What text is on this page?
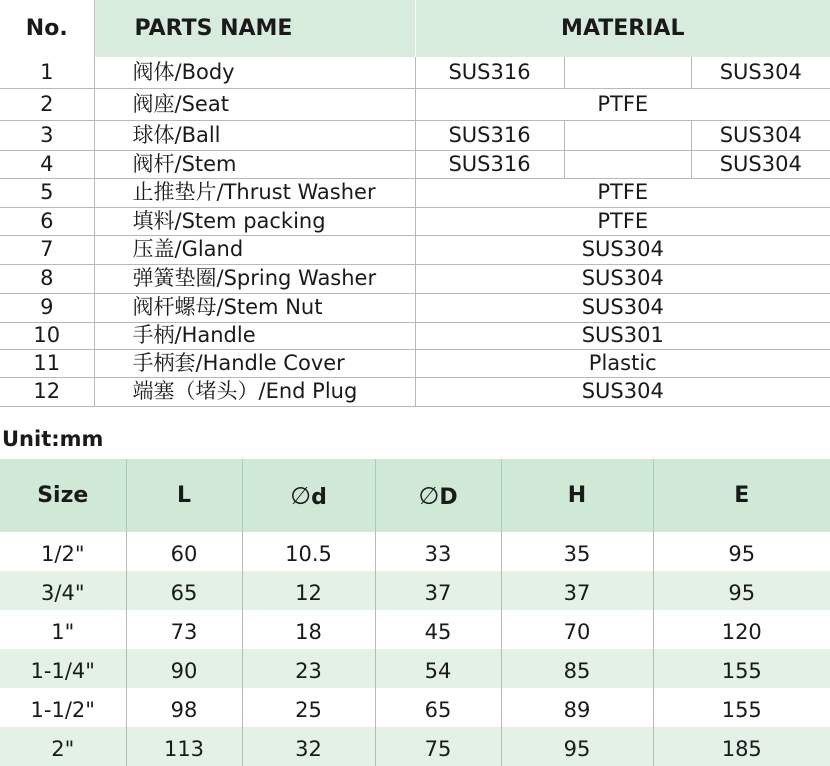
No.	PARTS NAME	MATERIAL		
1	阀体/Body	SUS316		SUS304
2	阀座/Seat	PTFE		
3	球体/Ball	SUS316		SUS304
4	阀杆/Stem	SUS316		SUS304
5	止推垫片/Thrust Washer	PTFE		
6	填料/Stem packing	PTFE		
7	压盖/Gland	SUS304		
8	弹簧垫圈/Spring Washer	SUS304		
9	阀杆螺母/Stem Nut	SUS304		
10	手柄/Handle	SUS301		
11	手柄套/Handle Cover	Plastic		
12	端塞（堵头）/End Plug	SUS304		
Unit:mm
Size	L	∅d	∅D	H	E
1/2"	60	10.5	33	35	95
3/4"	65	12	37	37	95
1"	73	18	45	70	120
1-1/4"	90	23	54	85	155
1-1/2"	98	25	65	89	155
2"	113	32	75	95	185
